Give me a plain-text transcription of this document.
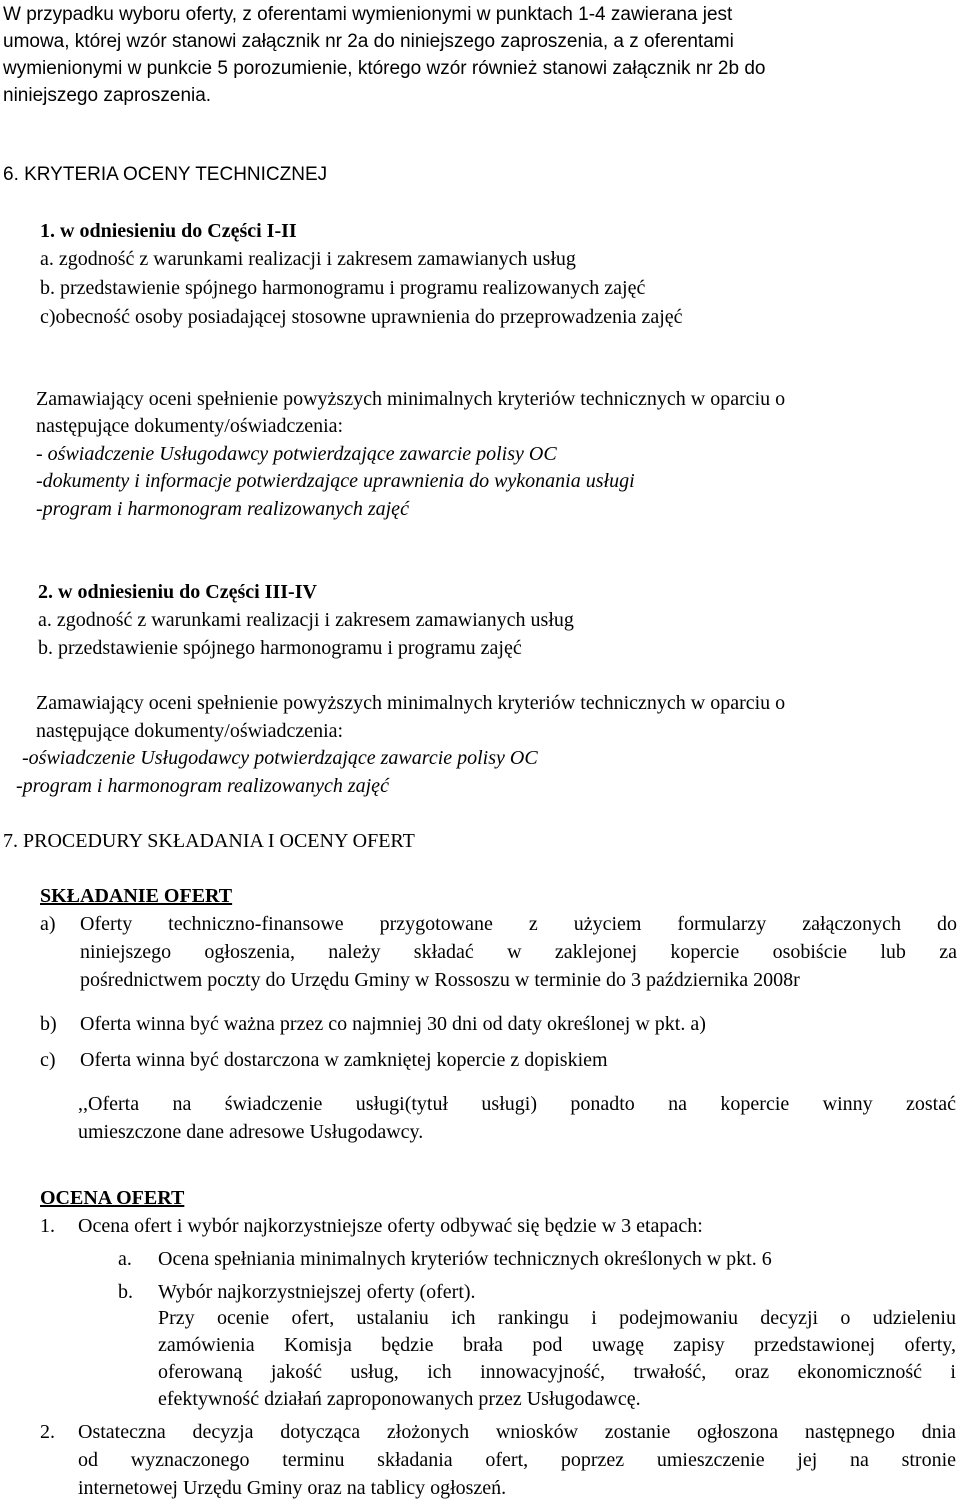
W przypadku wyboru oferty, z oferentami wymienionymi w punktach 1-4 zawierana jest
umowa, której wzór stanowi załącznik nr 2a do niniejszego zaproszenia, a z oferentami
wymienionymi w punkcie 5 porozumienie, którego wzór również stanowi załącznik nr 2b do
niniejszego zaproszenia.
6. KRYTERIA OCENY TECHNICZNEJ
1. w odniesieniu do Części I-II
a. zgodność z warunkami realizacji i zakresem zamawianych usług
b. przedstawienie spójnego harmonogramu i programu realizowanych zajęć
c)obecność osoby posiadającej stosowne uprawnienia do przeprowadzenia zajęć
Zamawiający oceni spełnienie powyższych minimalnych kryteriów technicznych w oparciu o
następujące dokumenty/oświadczenia:
- oświadczenie Usługodawcy potwierdzające zawarcie polisy OC
-dokumenty i informacje potwierdzające uprawnienia do wykonania usługi
-program i harmonogram realizowanych zajęć
2. w odniesieniu do Części III-IV
a. zgodność z warunkami realizacji i zakresem zamawianych usług
b. przedstawienie spójnego harmonogramu i programu zajęć
Zamawiający oceni spełnienie powyższych minimalnych kryteriów technicznych w oparciu o
następujące dokumenty/oświadczenia:
-oświadczenie Usługodawcy potwierdzające zawarcie polisy OC
-program i harmonogram realizowanych zajęć
7. PROCEDURY SKŁADANIA I OCENY OFERT
SKŁADANIE OFERT
a) Oferty techniczno-finansowe przygotowane z użyciem formularzy załączonych do
niniejszego ogłoszenia, należy składać w zaklejonej kopercie osobiście lub za
pośrednictwem poczty do Urzędu Gminy w Rossoszu w terminie do 3 października 2008r
b) Oferta winna być ważna przez co najmniej 30 dni od daty określonej w pkt. a)
c) Oferta winna być dostarczona w zamkniętej kopercie z dopiskiem
,,Oferta na świadczenie usługi(tytuł usługi) ponadto na kopercie winny zostać
umieszczone dane adresowe Usługodawcy.
OCENA OFERT
1. Ocena ofert i wybór najkorzystniejsze oferty odbywać się będzie w 3 etapach:
a. Ocena spełniania minimalnych kryteriów technicznych określonych w pkt. 6
b. Wybór najkorzystniejszej oferty (ofert).
Przy ocenie ofert, ustalaniu ich rankingu i podejmowaniu decyzji o udzieleniu
zamówienia Komisja będzie brała pod uwagę zapisy przedstawionej oferty,
oferowaną jakość usług, ich innowacyjność, trwałość, oraz ekonomiczność i
efektywność działań zaproponowanych przez Usługodawcę.
2. Ostateczna decyzja dotycząca złożonych wniosków zostanie ogłoszona następnego dnia
od wyznaczonego terminu składania ofert, poprzez umieszczenie jej na stronie
internetowej Urzędu Gminy oraz na tablicy ogłoszeń.
